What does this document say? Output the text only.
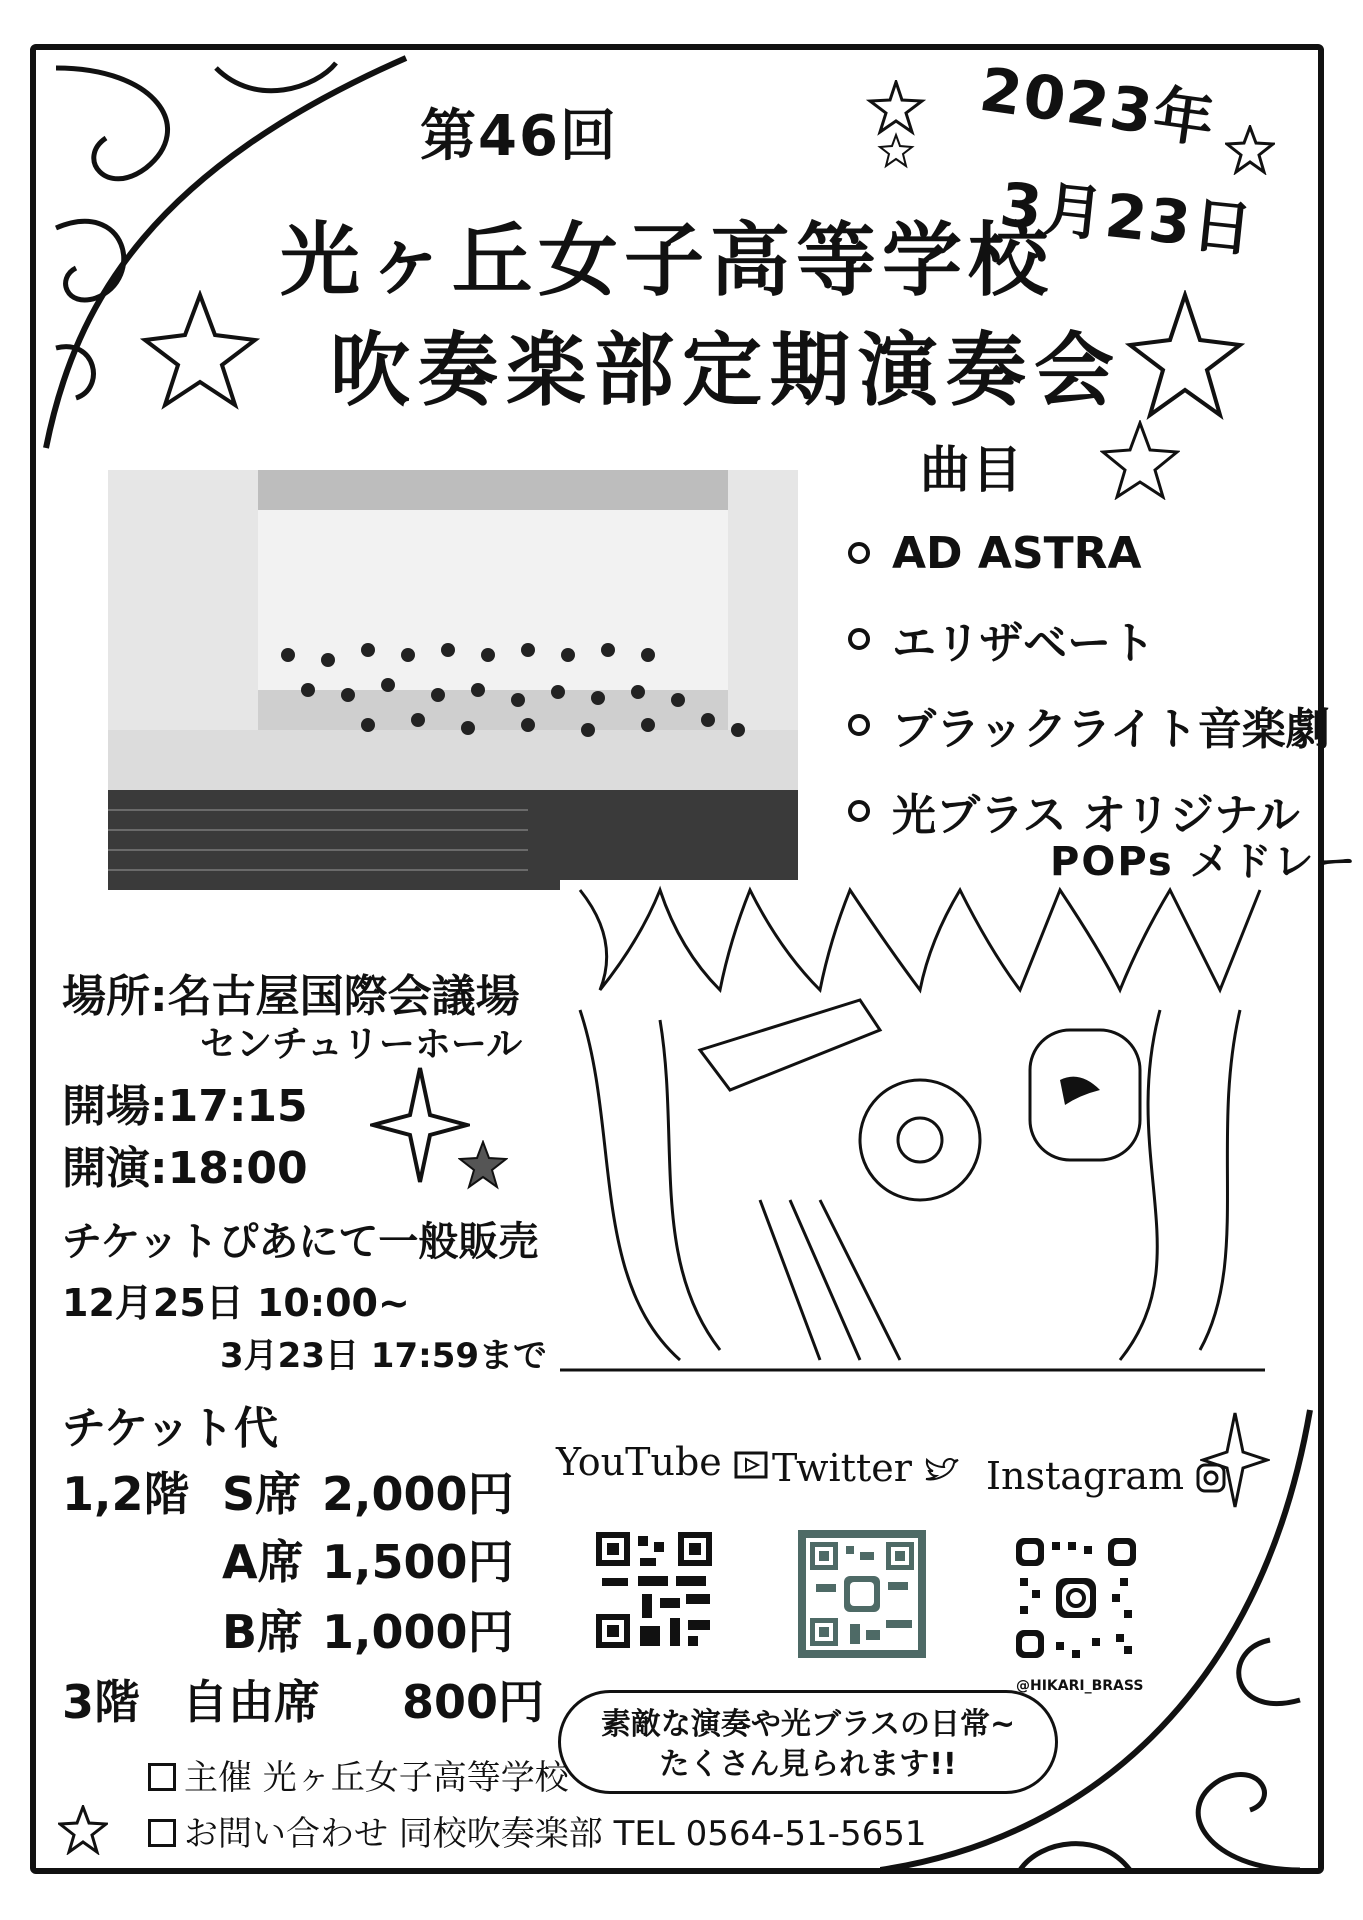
第46回	2023年
3月23日
光ヶ丘女子高等学校
吹奏楽部定期演奏会
曲目
AD ASTRA
エリザベート
ブラックライト音楽劇
光ブラス オリジナル
POPs メドレー
場所:名古屋国際会議場
センチュリーホール
開場:17:15
開演:18:00
チケットぴあにて一般販売
12月25日 10:00~
3月23日 17:59まで
チケット代
1,2階 S席 2,000円
A席 1,500円
B席 1,000円
3階 自由席 800円
YouTube	Twitter	Instagram
@HIKARI_BRASS
素敵な演奏や光ブラスの日常~
たくさん見られます!!
主催 光ヶ丘女子高等学校
お問い合わせ 同校吹奏楽部 TEL 0564-51-5651
